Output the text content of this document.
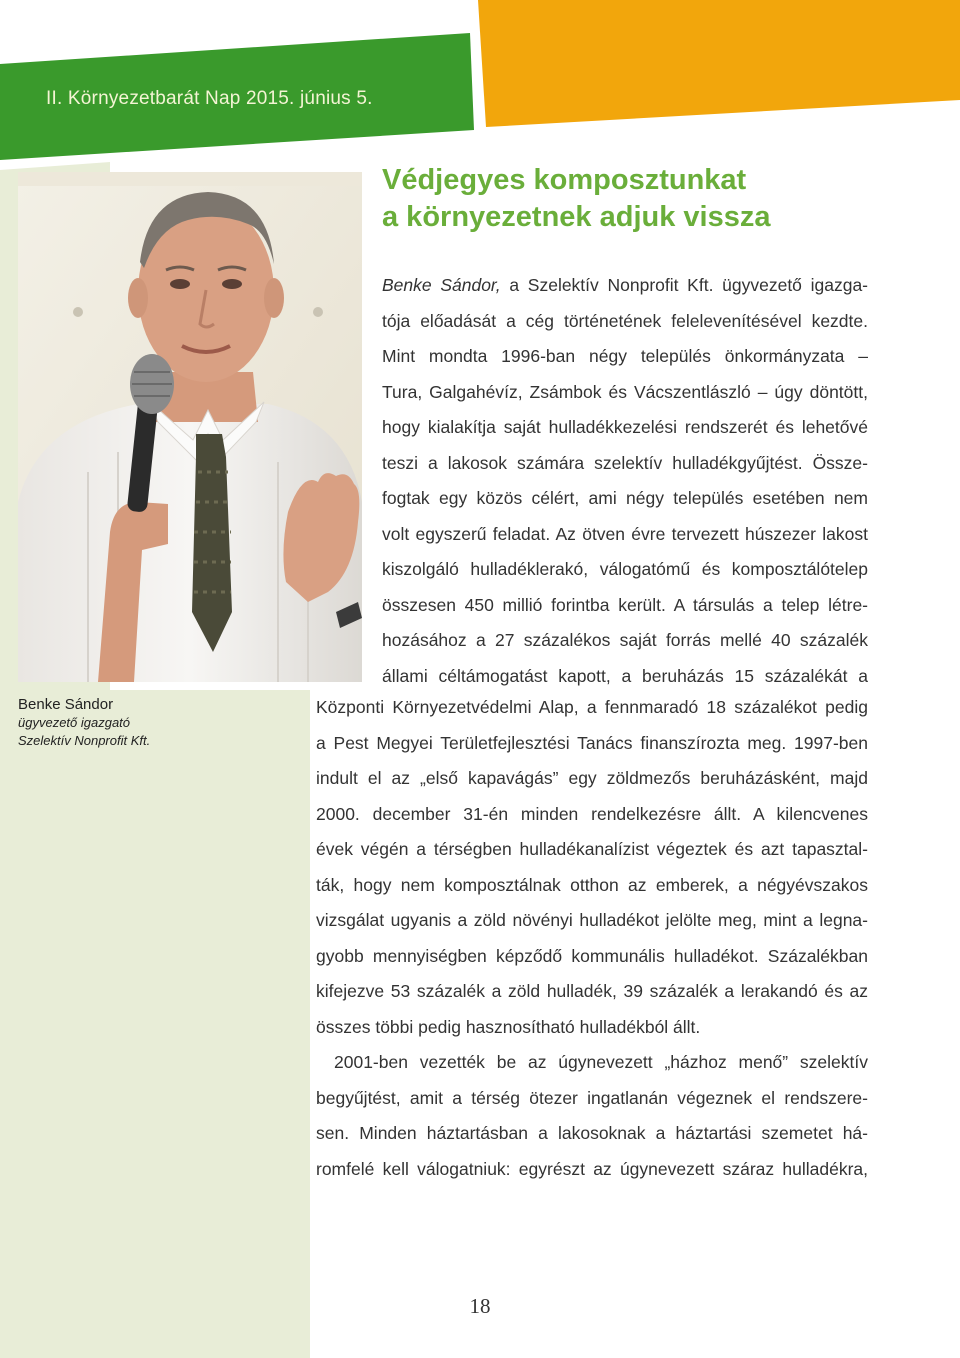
II. Környezetbarát Nap 2015. június 5.
Benke Sándor
ügyvezető igazgató
Szelektív Nonprofit Kft.
Védjegyes komposztunkat
a környezetnek adjuk vissza
Benke Sándor, a Szelektív Nonprofit Kft. ügyvezető igazga-
tója előadását a cég történetének felelevenítésével kezdte.
Mint mondta 1996-ban négy település önkormányzata –
Tura, Galgahévíz, Zsámbok és Vácszentlászló – úgy döntött,
hogy kialakítja saját hulladékkezelési rendszerét és lehetővé
teszi a lakosok számára szelektív hulladékgyűjtést. Össze-
fogtak egy közös célért, ami négy település esetében nem
volt egyszerű feladat. Az ötven évre tervezett húszezer lakost
kiszolgáló hulladéklerakó, válogatómű és komposztálótelep
összesen 450 millió forintba került. A társulás a telep létre-
hozásához a 27 százalékos saját forrás mellé 40 százalék
állami céltámogatást kapott, a beruházás 15 százalékát a
Központi Környezetvédelmi Alap, a fennmaradó 18 százalékot pedig
a Pest Megyei Területfejlesztési Tanács finanszírozta meg. 1997-ben
indult el az „első kapavágás” egy zöldmezős beruházásként, majd
2000. december 31-én minden rendelkezésre állt. A kilencvenes
évek végén a térségben hulladékanalízist végeztek és azt tapasztal-
ták, hogy nem komposztálnak otthon az emberek, a négyévszakos
vizsgálat ugyanis a zöld növényi hulladékot jelölte meg, mint a legna-
gyobb mennyiségben képződő kommunális hulladékot. Százalékban
kifejezve 53 százalék a zöld hulladék, 39 százalék a lerakandó és az
összes többi pedig hasznosítható hulladékból állt.
2001-ben vezették be az úgynevezett „házhoz menő” szelektív
begyűjtést, amit a térség ötezer ingatlanán végeznek el rendszere-
sen. Minden háztartásban a lakosoknak a háztartási szemetet há-
romfelé kell válogatniuk: egyrészt az úgynevezett száraz hulladékra,
18
